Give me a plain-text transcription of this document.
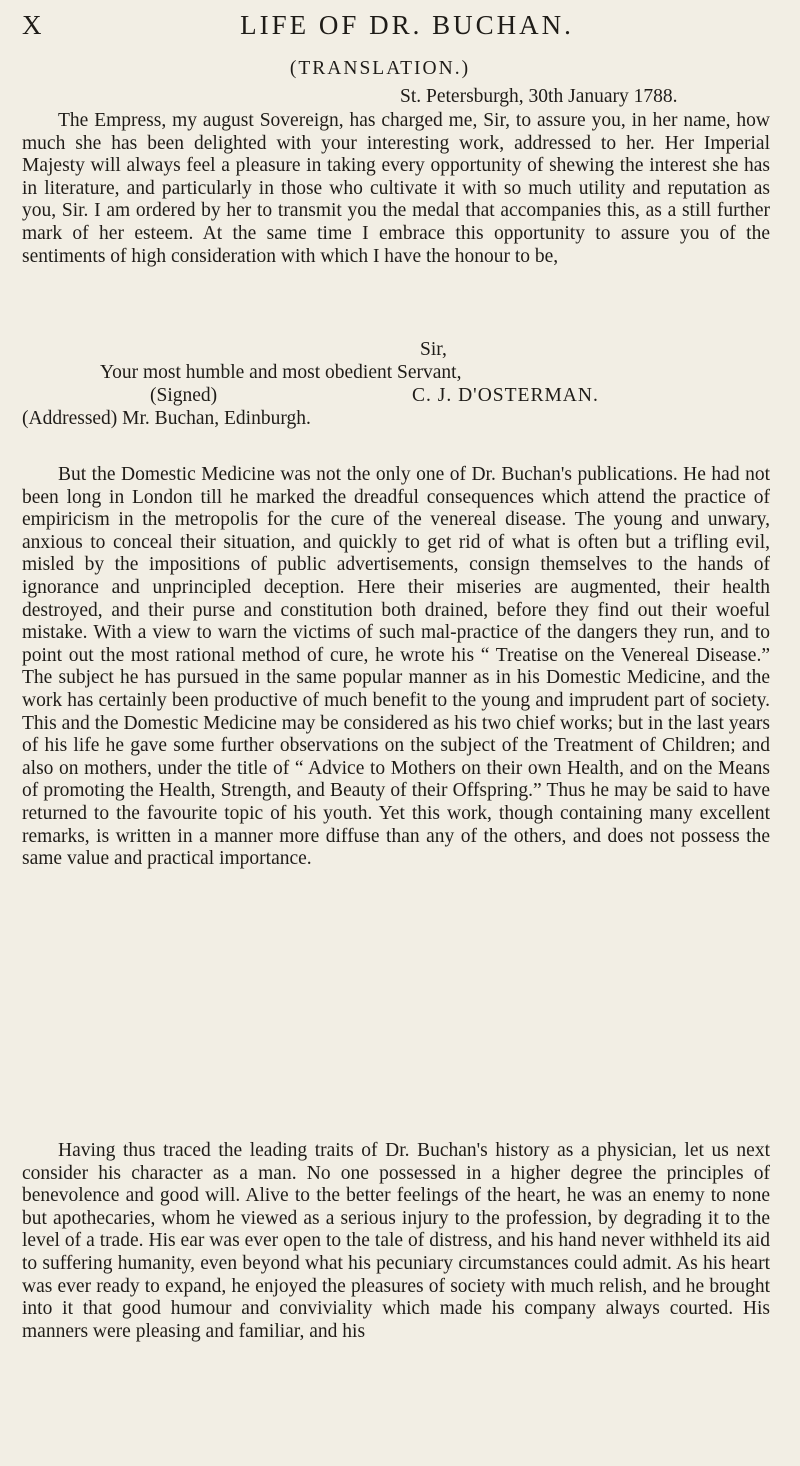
X	LIFE OF DR. BUCHAN.
(TRANSLATION.)
St. Petersburgh, 30th January 1788.
The Empress, my august Sovereign, has charged me, Sir, to assure you, in her name, how much she has been delighted with your interesting work, addressed to her. Her Imperial Majesty will always feel a pleasure in taking every opportunity of shewing the interest she has in literature, and particularly in those who cultivate it with so much utility and reputation as you, Sir. I am ordered by her to transmit you the medal that accompanies this, as a still further mark of her esteem. At the same time I embrace this opportunity to assure you of the sentiments of high consideration with which I have the honour to be,
Sir,
Your most humble and most obedient Servant,
(Signed)	C. J. D'OSTERMAN.
(Addressed) Mr. Buchan, Edinburgh.
But the Domestic Medicine was not the only one of Dr. Buchan's publications. He had not been long in London till he marked the dreadful consequences which attend the practice of empiricism in the metropolis for the cure of the venereal disease. The young and unwary, anxious to conceal their situation, and quickly to get rid of what is often but a trifling evil, misled by the impositions of public advertisements, consign themselves to the hands of ignorance and unprincipled deception. Here their miseries are augmented, their health destroyed, and their purse and constitution both drained, before they find out their woeful mistake. With a view to warn the victims of such mal-practice of the dangers they run, and to point out the most rational method of cure, he wrote his “ Treatise on the Venereal Disease.” The subject he has pursued in the same popular manner as in his Domestic Medicine, and the work has certainly been productive of much benefit to the young and imprudent part of society. This and the Domestic Medicine may be considered as his two chief works; but in the last years of his life he gave some further observations on the subject of the Treatment of Children; and also on mothers, under the title of “ Advice to Mothers on their own Health, and on the Means of promoting the Health, Strength, and Beauty of their Offspring.” Thus he may be said to have returned to the favourite topic of his youth. Yet this work, though containing many excellent remarks, is written in a manner more diffuse than any of the others, and does not possess the same value and practical importance.
Having thus traced the leading traits of Dr. Buchan's history as a physician, let us next consider his character as a man. No one possessed in a higher degree the principles of benevolence and good will. Alive to the better feelings of the heart, he was an enemy to none but apothecaries, whom he viewed as a serious injury to the profession, by degrading it to the level of a trade. His ear was ever open to the tale of distress, and his hand never withheld its aid to suffering humanity, even beyond what his pecuniary circumstances could admit. As his heart was ever ready to expand, he enjoyed the pleasures of society with much relish, and he brought into it that good humour and conviviality which made his company always courted. His manners were pleasing and familiar, and his
